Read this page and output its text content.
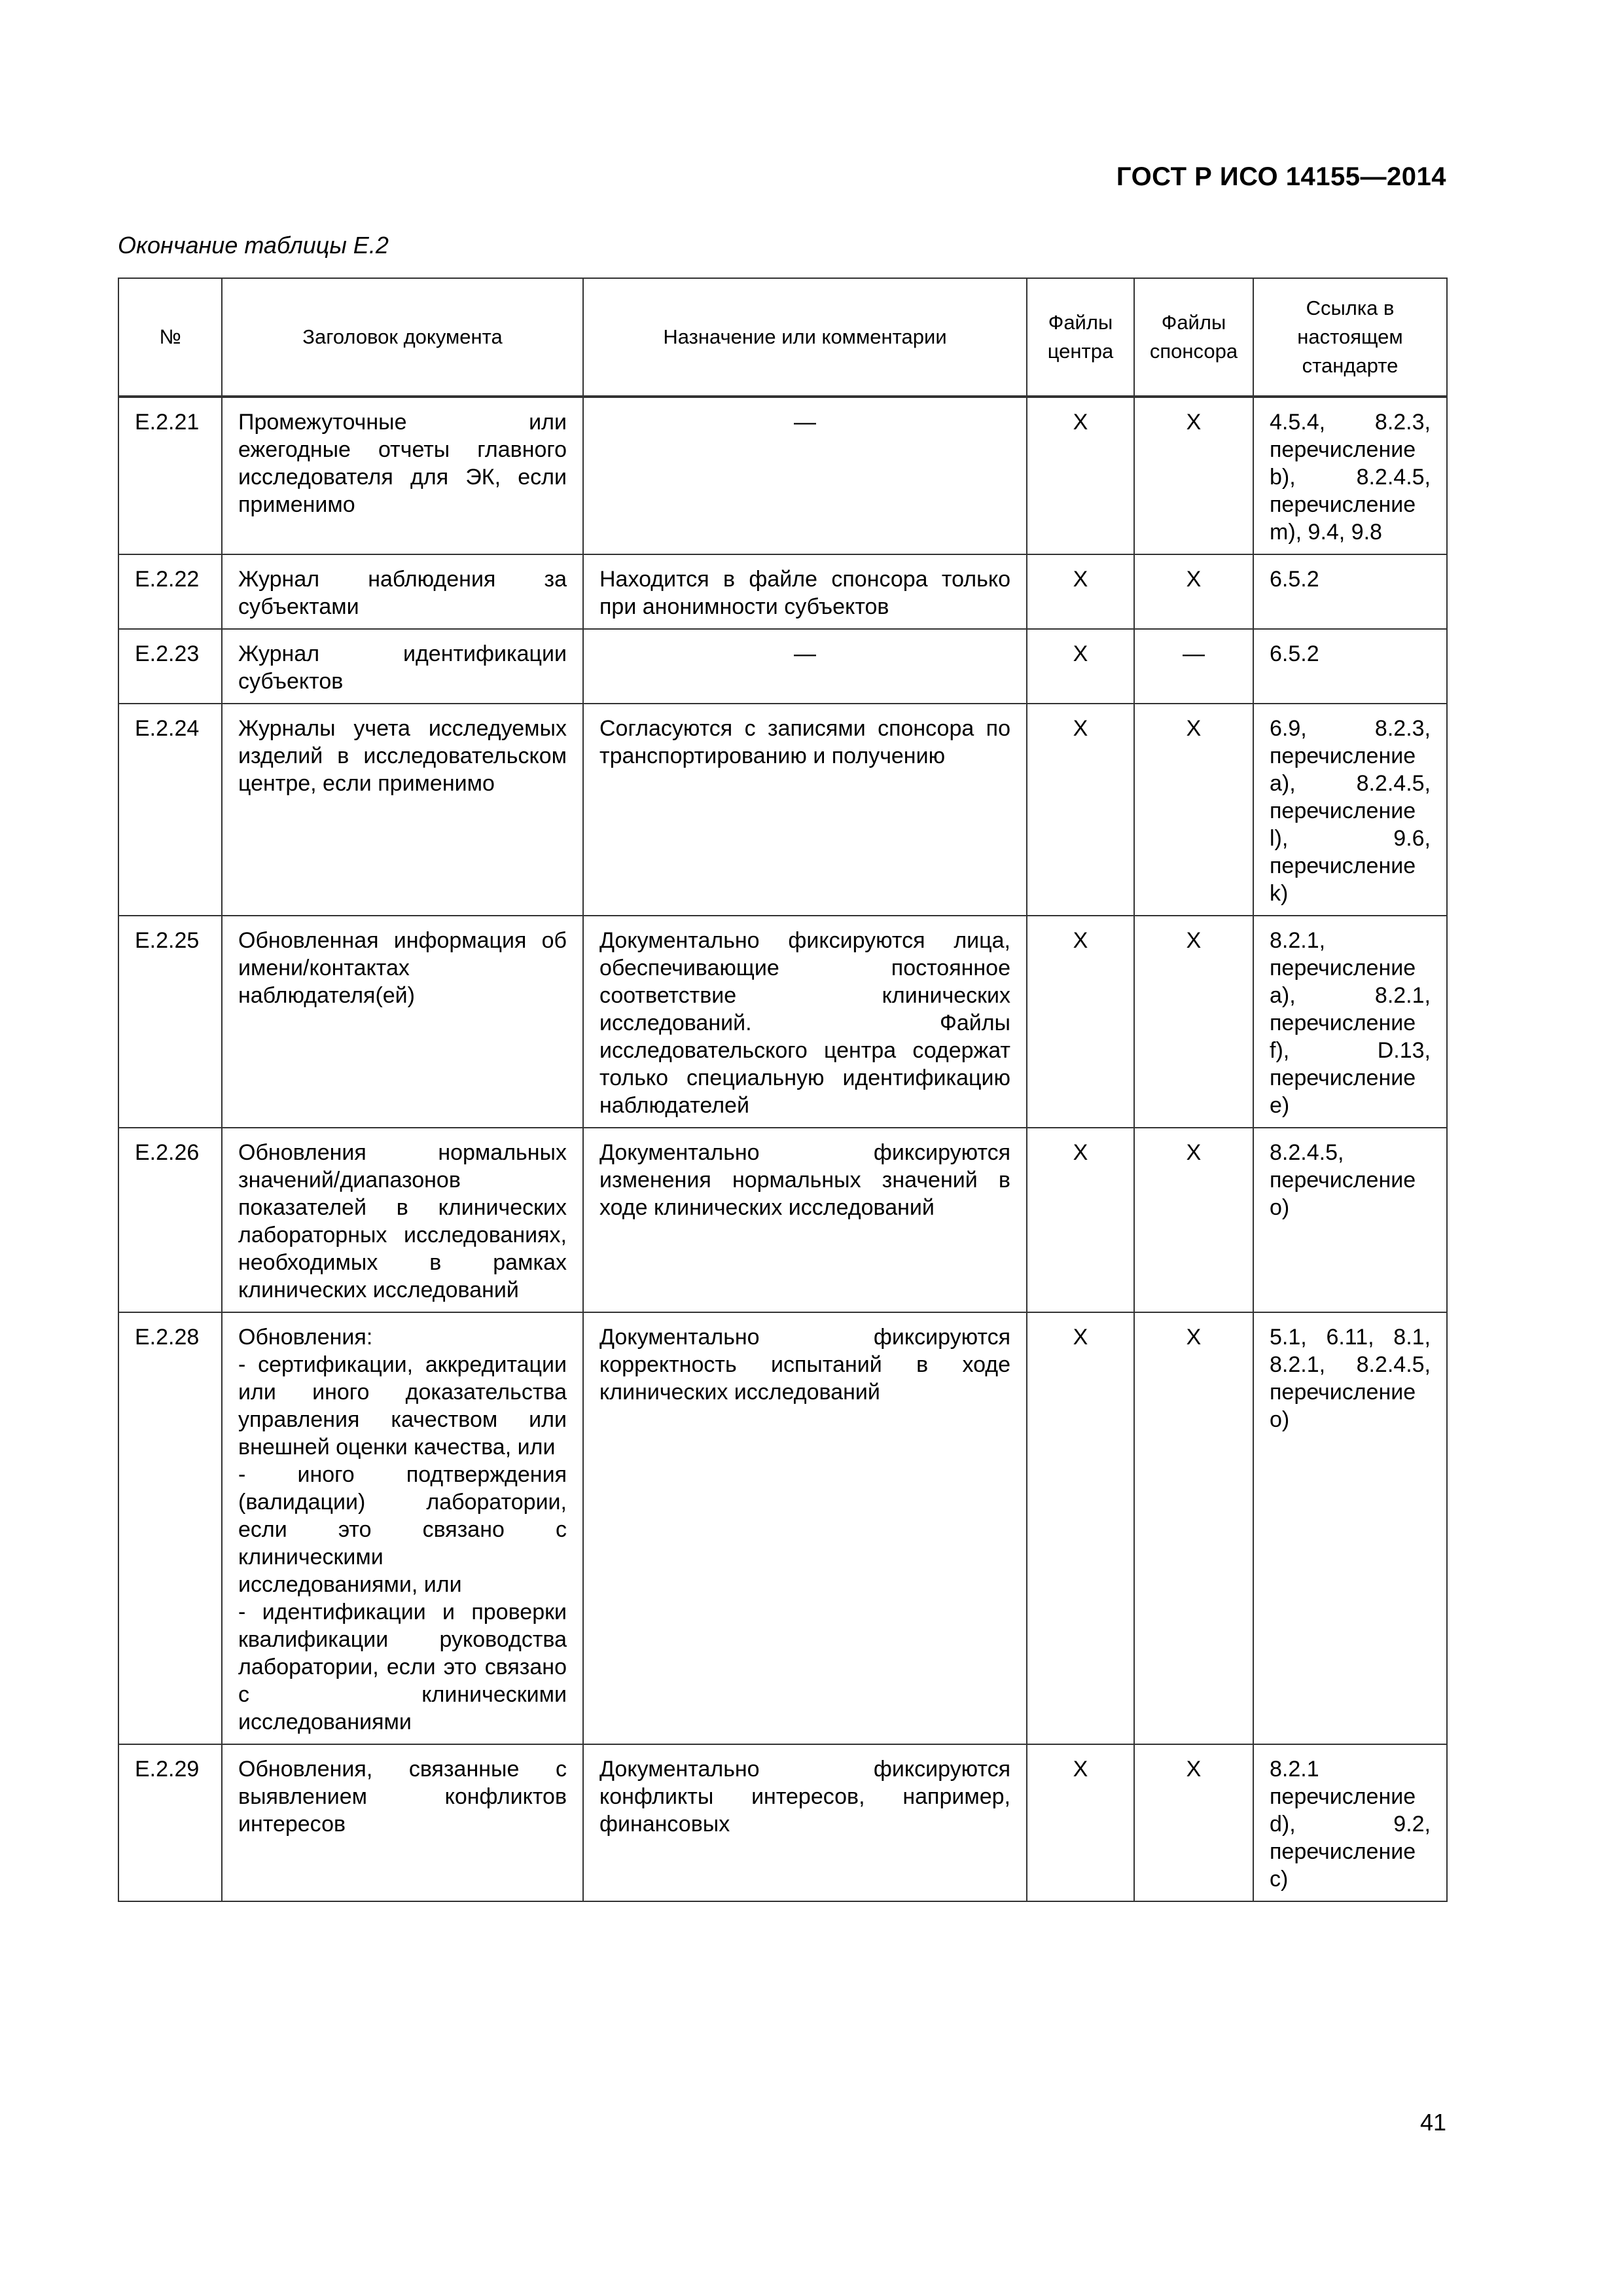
ГОСТ Р ИСО 14155—2014
Окончание таблицы Е.2
№	Заголовок документа	Назначение или комментарии	Файлы центра	Файлы спонсора	Ссылка в настоящем стандарте
Е.2.21	Промежуточные или ежегодные отчеты главного исследователя для ЭК, если применимо	—	X	X	4.5.4, 8.2.3, перечисление b), 8.2.4.5, перечисление m), 9.4, 9.8
Е.2.22	Журнал наблюдения за субъектами	Находится в файле спонсора только при анонимности субъектов	X	X	6.5.2
Е.2.23	Журнал идентификации субъектов	—	X	—	6.5.2
Е.2.24	Журналы учета исследуемых изделий в исследовательском центре, если применимо	Согласуются с записями спонсора по транспортированию и получению	X	X	6.9, 8.2.3, перечисление a), 8.2.4.5, перечисление l), 9.6, перечисление k)
Е.2.25	Обновленная информация об имени/контактах наблюдателя(ей)	Документально фиксируются лица, обеспечивающие постоянное соответствие клинических исследований. Файлы исследовательского центра содержат только специальную идентификацию наблюдателей	X	X	8.2.1, перечисление a), 8.2.1, перечисление f), D.13, перечисление e)
Е.2.26	Обновления нормальных значений/диапазонов показателей в клинических лабораторных исследованиях, необходимых в рамках клинических исследований	Документально фиксируются изменения нормальных значений в ходе клинических исследований	X	X	8.2.4.5, перечисление o)
Е.2.28	Обновления:
- сертификации, аккредитации или иного доказательства управления качеством или внешней оценки качества, или
- иного подтверждения (валидации) лаборатории, если это связано с клиническими исследованиями, или
- идентификации и проверки квалификации руководства лаборатории, если это связано с клиническими исследованиями	Документально фиксируются корректность испытаний в ходе клинических исследований	X	X	5.1, 6.11, 8.1, 8.2.1, 8.2.4.5, перечисление o)
Е.2.29	Обновления, связанные с выявлением конфликтов интересов	Документально фиксируются конфликты интересов, например, финансовых	X	X	8.2.1 перечисление d), 9.2, перечисление c)
41
